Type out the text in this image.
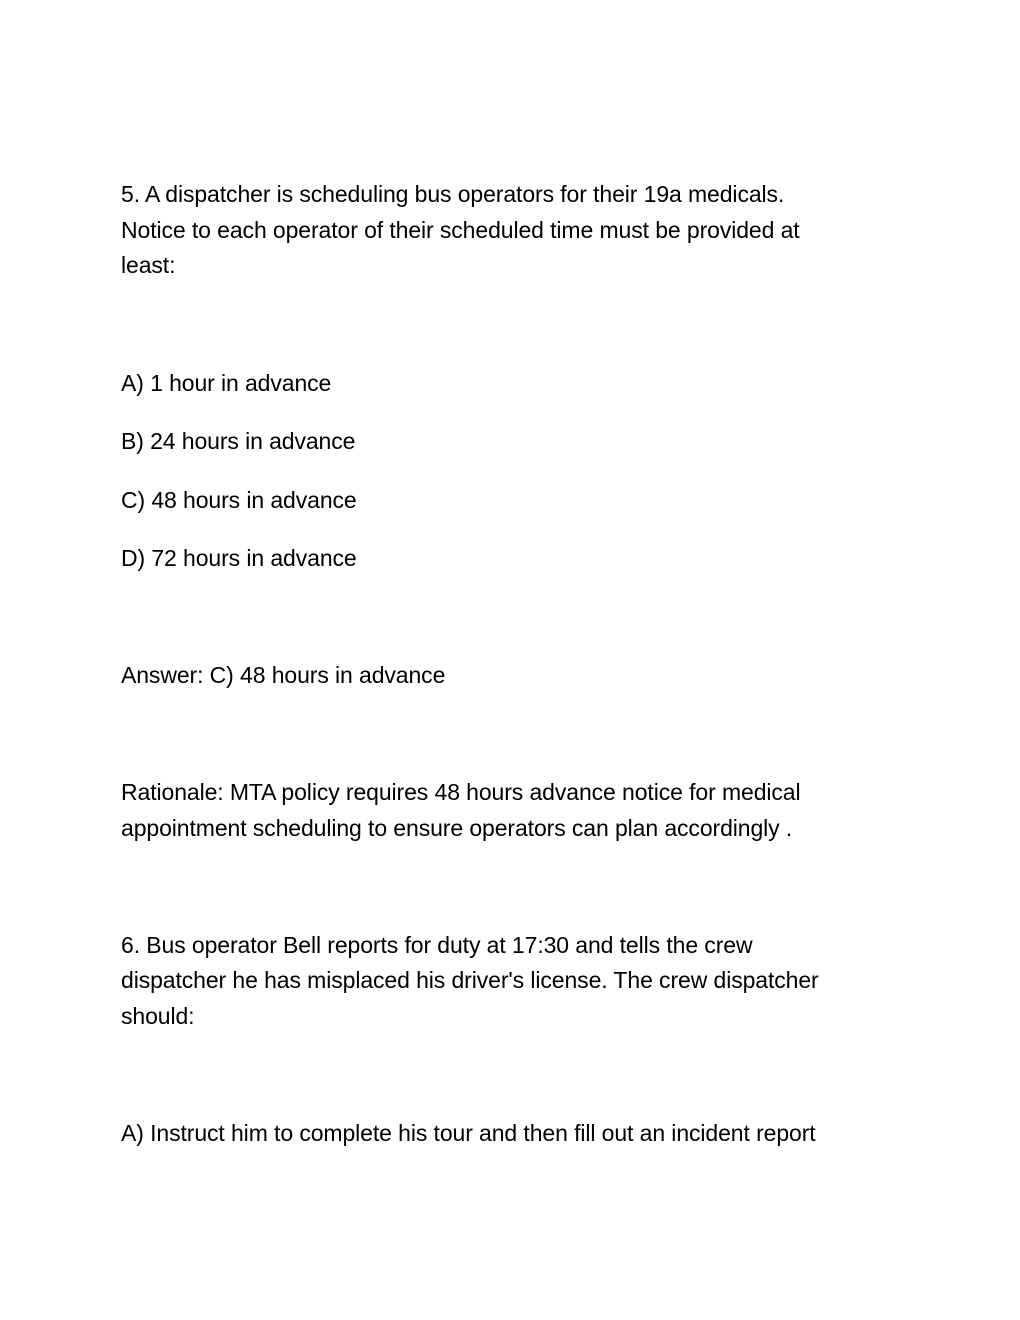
5. A dispatcher is scheduling bus operators for their 19a medicals.
Notice to each operator of their scheduled time must be provided at
least:
A) 1 hour in advance
B) 24 hours in advance
C) 48 hours in advance
D) 72 hours in advance
Answer: C) 48 hours in advance
Rationale: MTA policy requires 48 hours advance notice for medical
appointment scheduling to ensure operators can plan accordingly .
6. Bus operator Bell reports for duty at 17:30 and tells the crew
dispatcher he has misplaced his driver's license. The crew dispatcher
should:
A) Instruct him to complete his tour and then fill out an incident report
